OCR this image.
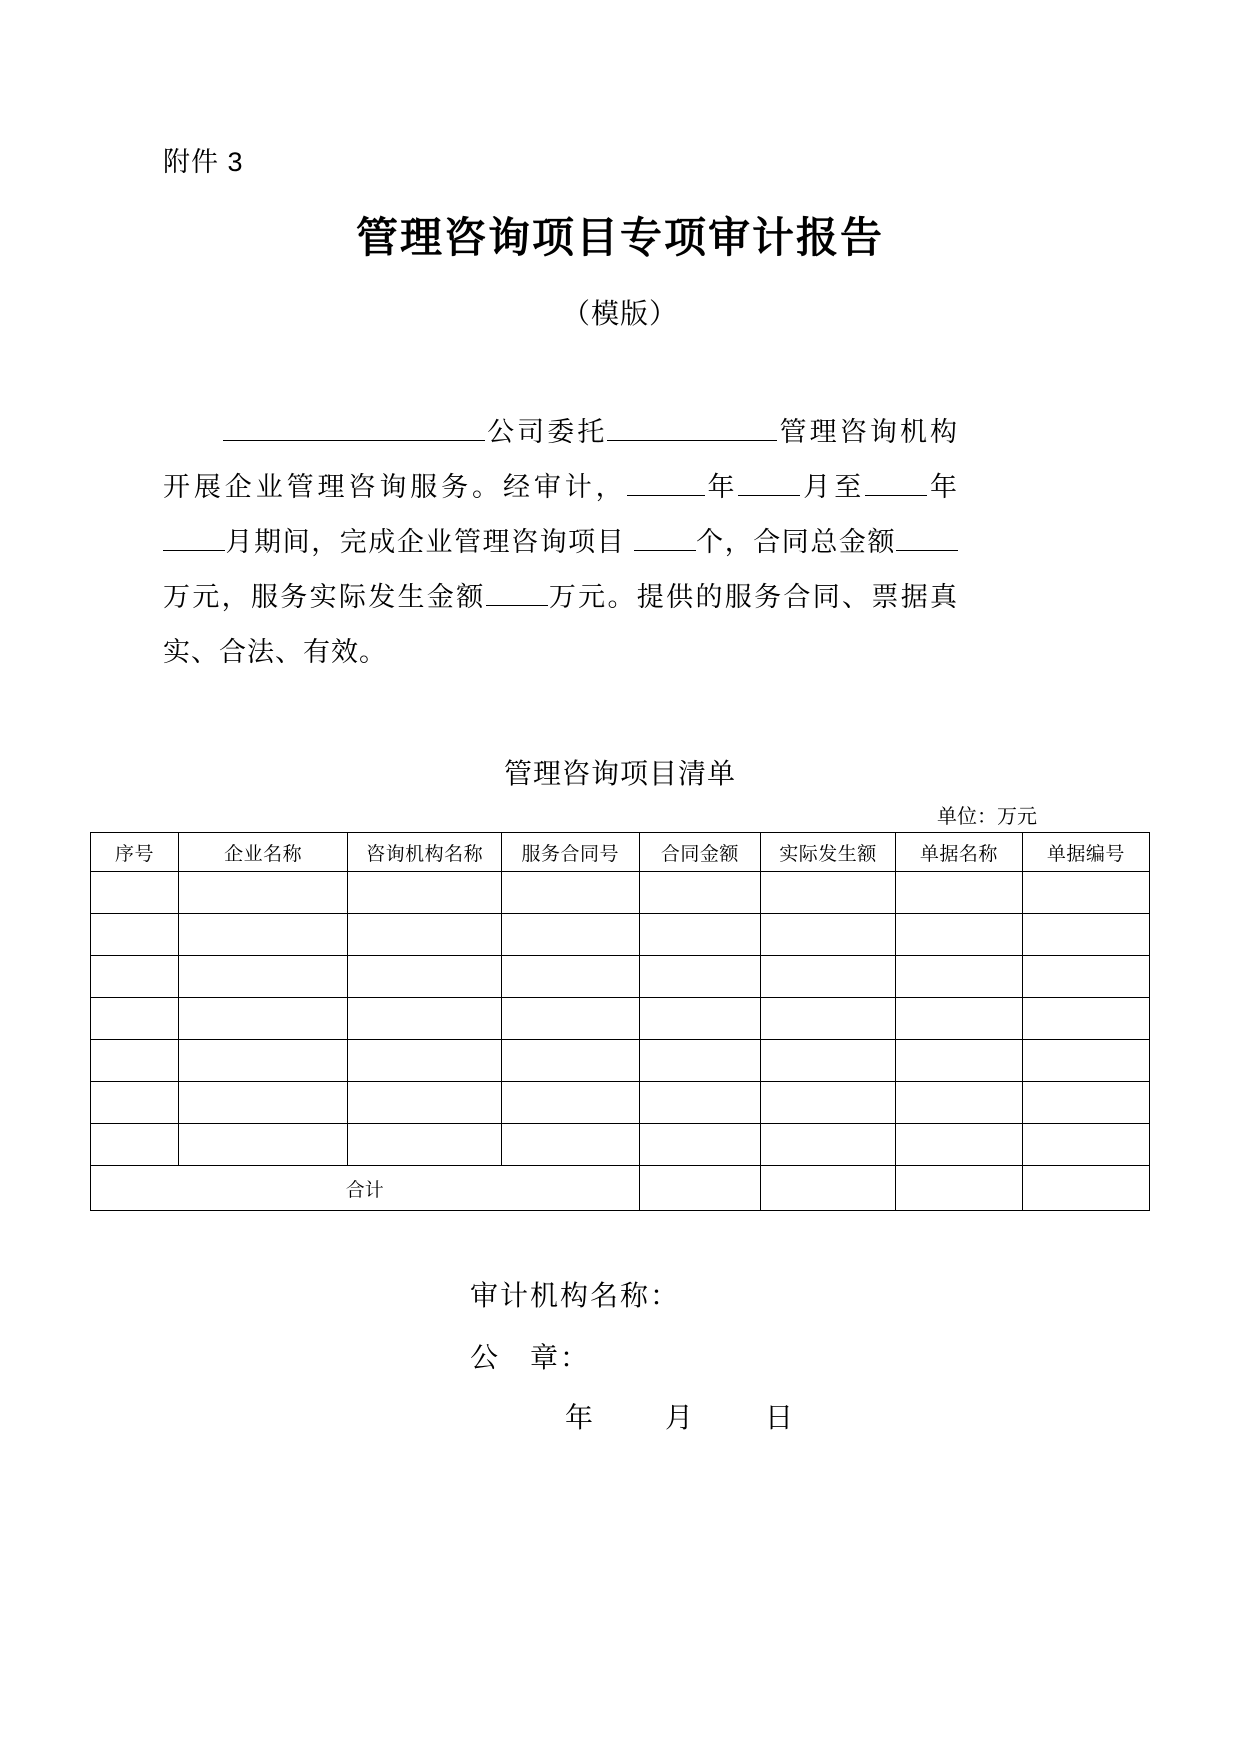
附件 3
管理咨询项目专项审计报告
（模版）
公司委托	管理咨询机构开展企业管理咨询服务。经审计，	年 月至 年月期间，完成企业管理咨询项目	个，合同总金额万元，服务实际发生金额 万元。提供的服务合同、票据真实、合法、有效。
管理咨询项目清单
单位：万元
序号	企业名称	咨询机构名称	服务合同号	合同金额	实际发生额	单据名称	单据编号

合计							
审计机构名称：
公　章：
年	月	日
